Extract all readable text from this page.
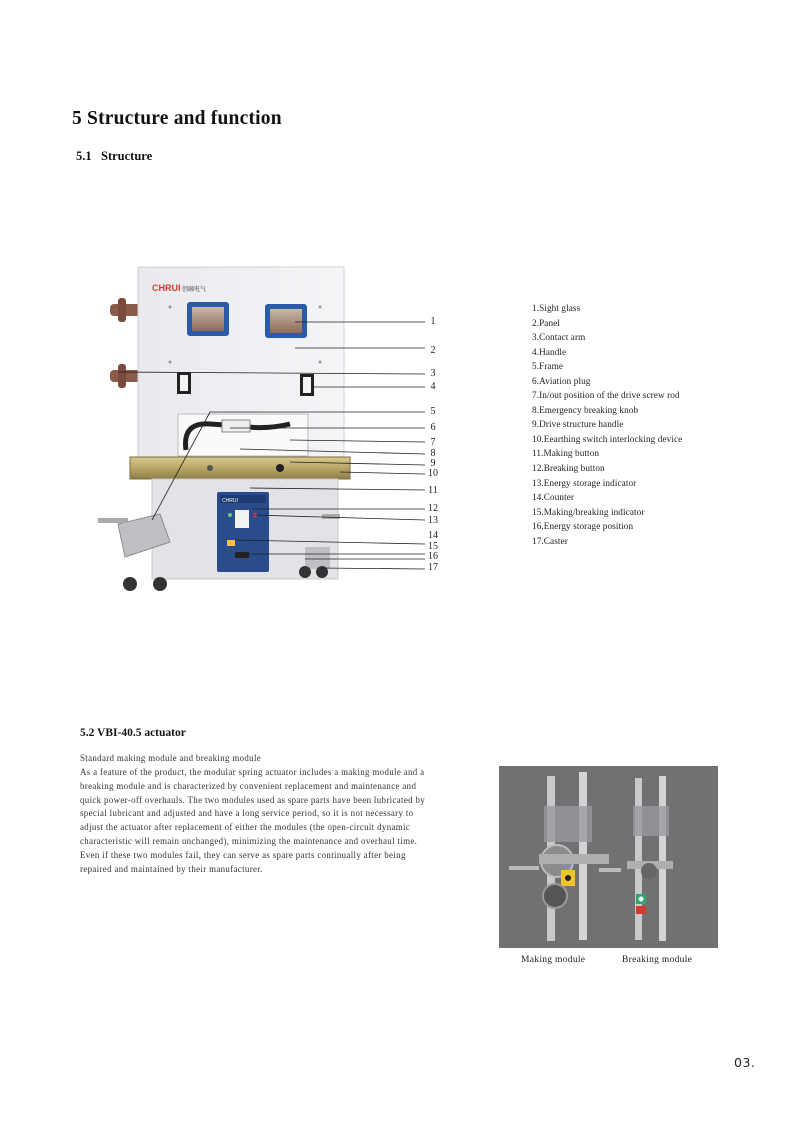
5 Structure and function
5.1   Structure
CHRUI 创融电气
CHRUI
1
2
3
4
5
6
7
8
9
10
11
12
13
14
15
16
17
1.Sight glass
2.Panel
3.Contact arm
4.Handle
5.Frame
6.Aviation plug
7.In/out position of the drive screw rod
8.Emergency breaking knob
9.Drive structure handle
10.Eearthing switch interlocking device
11.Making button
12.Breaking button
13.Energy storage indicator
14.Counter
15.Making/breaking indicator
16.Energy storage position
17.Caster
5.2 VBI-40.5 actuator
Standard making module and breaking module
As a feature of the product, the modular spring actuator includes a making module and a
breaking module and is characterized by convenient replacement and maintenance and
quick power-off overhauls. The two modules used as spare parts have been lubricated by
special lubricant and adjusted and have a long service period, so it is not necessary to
adjust the actuator after replacement of either the modules (the open-circuit dynamic
characteristic will remain unchanged), minimizing the maintenance and overhaul time.
Even if these two modules fail, they can serve as spare parts continually after being
repaired and maintained by their manufacturer.
Making module	Breaking module
03.
